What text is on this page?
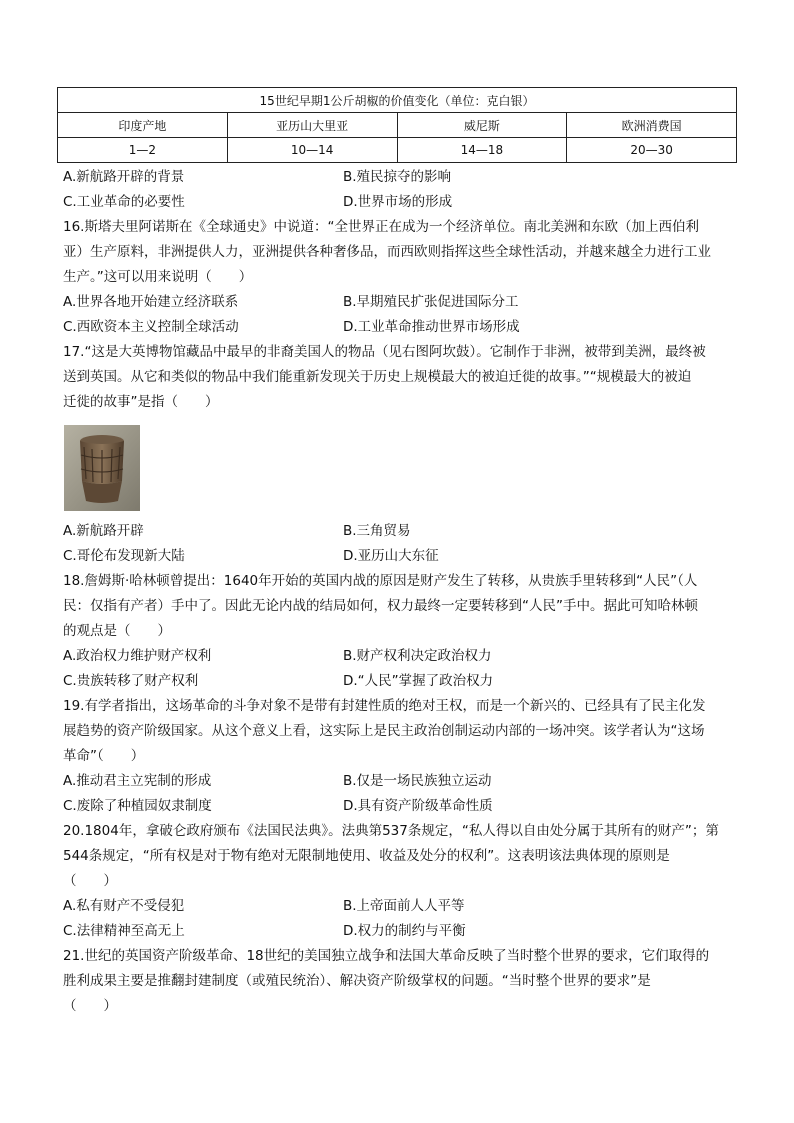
15世纪早期1公斤胡椒的价值变化（单位：克白银）			
印度产地	亚历山大里亚	威尼斯	欧洲消费国
1—2	10—14	14—18	20—30
A.新航路开辟的背景	B.殖民掠夺的影响
C.工业革命的必要性	D.世界市场的形成
16.斯塔夫里阿诺斯在《全球通史》中说道：“全世界正在成为一个经济单位。南北美洲和东欧（加上西伯利
亚）生产原料，非洲提供人力，亚洲提供各种奢侈品，而西欧则指挥这些全球性活动，并越来越全力进行工业
生产。”这可以用来说明（　　）
A.世界各地开始建立经济联系	B.早期殖民扩张促进国际分工
C.西欧资本主义控制全球活动	D.工业革命推动世界市场形成
17.“这是大英博物馆藏品中最早的非裔美国人的物品（见右图阿坎鼓）。它制作于非洲，被带到美洲，最终被
送到英国。从它和类似的物品中我们能重新发现关于历史上规模最大的被迫迁徙的故事。”“规模最大的被迫
迁徙的故事”是指（　　）
A.新航路开辟	B.三角贸易
C.哥伦布发现新大陆	D.亚历山大东征
18.詹姆斯·哈林顿曾提出：1640年开始的英国内战的原因是财产发生了转移，从贵族手里转移到“人民”（人
民：仅指有产者）手中了。因此无论内战的结局如何，权力最终一定要转移到“人民”手中。据此可知哈林顿
的观点是（　　）
A.政治权力维护财产权利	B.财产权利决定政治权力
C.贵族转移了财产权利	D.“人民”掌握了政治权力
19.有学者指出，这场革命的斗争对象不是带有封建性质的绝对王权，而是一个新兴的、已经具有了民主化发
展趋势的资产阶级国家。从这个意义上看，这实际上是民主政治创制运动内部的一场冲突。该学者认为“这场
革命”（　　）
A.推动君主立宪制的形成	B.仅是一场民族独立运动
C.废除了种植园奴隶制度	D.具有资产阶级革命性质
20.1804年，拿破仑政府颁布《法国民法典》。法典第537条规定，“私人得以自由处分属于其所有的财产”；第
544条规定，“所有权是对于物有绝对无限制地使用、收益及处分的权利”。这表明该法典体现的原则是
（　　）
A.私有财产不受侵犯	B.上帝面前人人平等
C.法律精神至高无上	D.权力的制约与平衡
21.世纪的英国资产阶级革命、18世纪的美国独立战争和法国大革命反映了当时整个世界的要求，它们取得的
胜利成果主要是推翻封建制度（或殖民统治）、解决资产阶级掌权的问题。“当时整个世界的要求”是
（　　）
